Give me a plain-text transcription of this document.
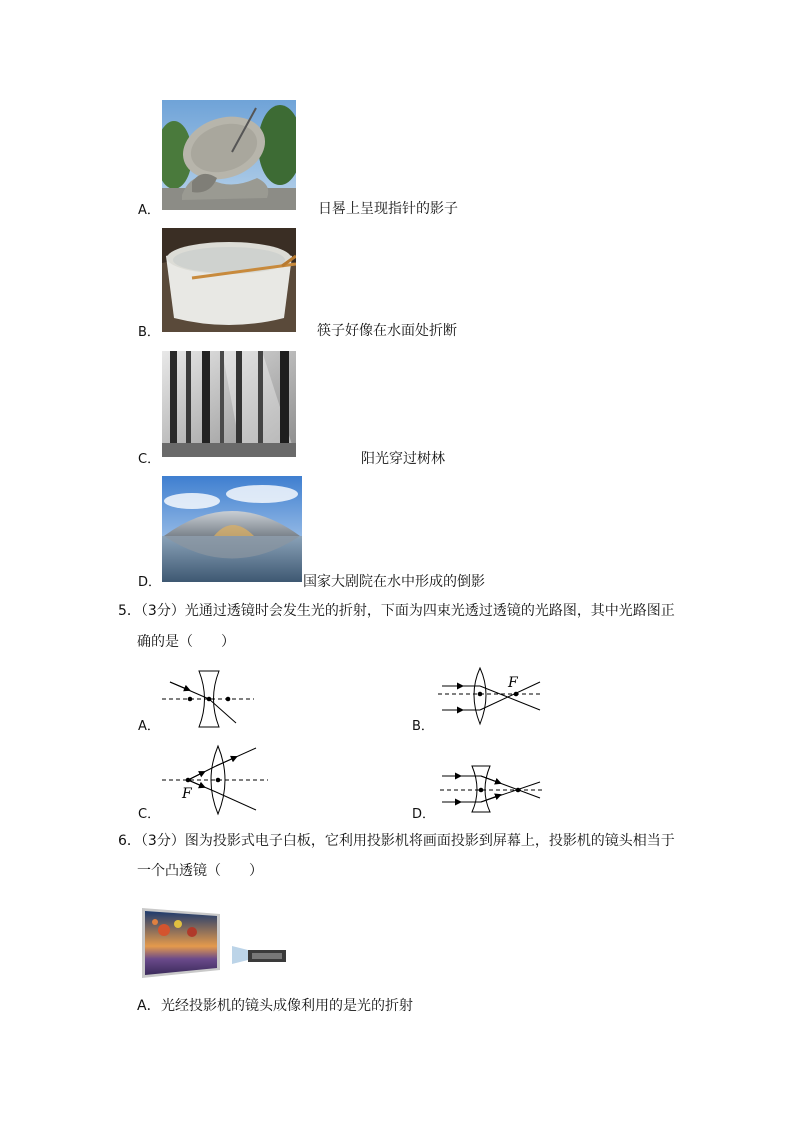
A．	日晷上呈现指针的影子
B．	筷子好像在水面处折断
C．	阳光穿过树林
D．	国家大剧院在水中形成的倒影
5．（3分）光通过透镜时会发生光的折射，下面为四束光透过透镜的光路图，其中光路图正
确的是（　　）
A．
F
B．
F
C．	D．
6．（3分）图为投影式电子白板，它利用投影机将画面投影到屏幕上，投影机的镜头相当于
一个凸透镜（　　）
A． 光经投影机的镜头成像利用的是光的折射
